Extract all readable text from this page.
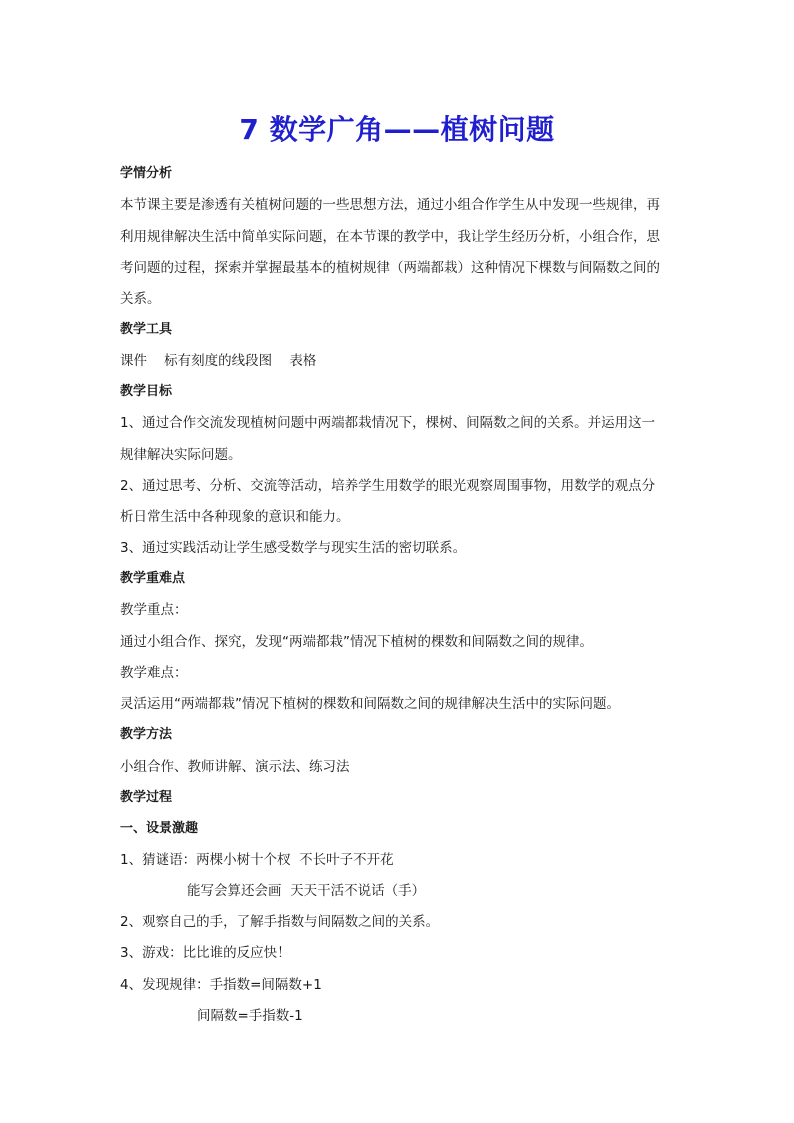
7 数学广角——植树问题
学情分析
本节课主要是渗透有关植树问题的一些思想方法，通过小组合作学生从中发现一些规律，再
利用规律解决生活中简单实际问题，在本节课的教学中，我让学生经历分析，小组合作，思
考问题的过程，探索并掌握最基本的植树规律（两端都栽）这种情况下棵数与间隔数之间的
关系。
教学工具
课件    标有刻度的线段图    表格
教学目标
1、通过合作交流发现植树问题中两端都栽情况下，棵树、间隔数之间的关系。并运用这一
规律解决实际问题。
2、通过思考、分析、交流等活动，培养学生用数学的眼光观察周围事物，用数学的观点分
析日常生活中各种现象的意识和能力。
3、通过实践活动让学生感受数学与现实生活的密切联系。
教学重难点
教学重点：
通过小组合作、探究，发现“两端都栽”情况下植树的棵数和间隔数之间的规律。
教学难点：
灵活运用“两端都栽”情况下植树的棵数和间隔数之间的规律解决生活中的实际问题。
教学方法
小组合作、教师讲解、演示法、练习法
教学过程
一、设景激趣
1、猜谜语：两棵小树十个杈  不长叶子不开花
能写会算还会画  天天干活不说话（手）
2、观察自己的手，了解手指数与间隔数之间的关系。
3、游戏：比比谁的反应快！
4、发现规律：手指数=间隔数+1
间隔数=手指数-1
